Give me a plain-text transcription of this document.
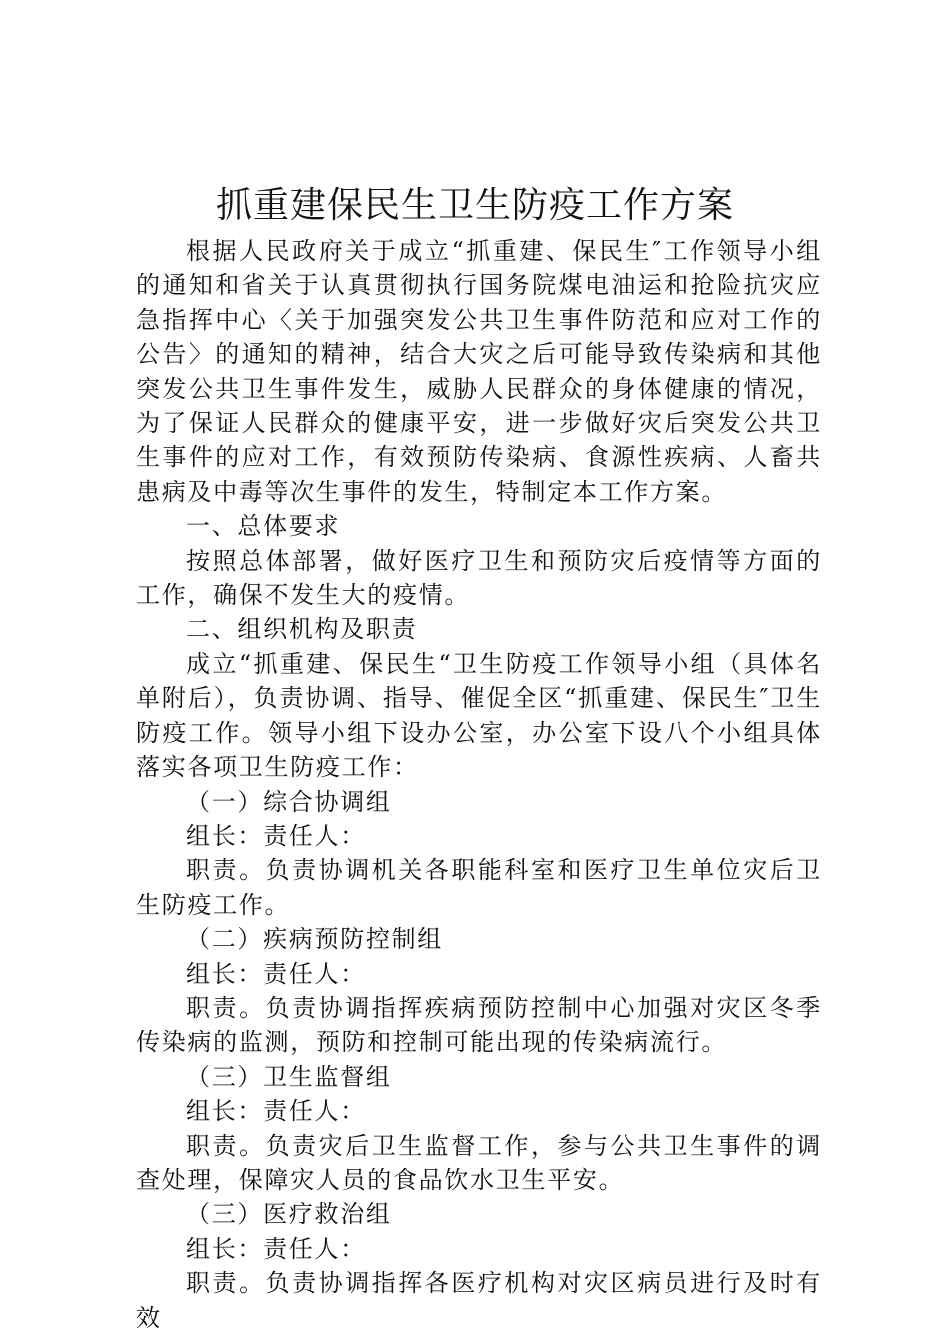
抓重建保民生卫生防疫工作方案

根据人民政府关于成立“抓重建、保民生″工作领导小组的通知和省关于认真贯彻执行国务院煤电油运和抢险抗灾应急指挥中心〈关于加强突发公共卫生事件防范和应对工作的公告〉的通知的精神，结合大灾之后可能导致传染病和其他突发公共卫生事件发生，威胁人民群众的身体健康的情况，为了保证人民群众的健康平安，进一步做好灾后突发公共卫生事件的应对工作，有效预防传染病、食源性疾病、人畜共患病及中毒等次生事件的发生，特制定本工作方案。

一、总体要求

按照总体部署，做好医疗卫生和预防灾后疫情等方面的工作，确保不发生大的疫情。

二、组织机构及职责

成立“抓重建、保民生“卫生防疫工作领导小组（具体名单附后），负责协调、指导、催促全区“抓重建、保民生″卫生防疫工作。领导小组下设办公室，办公室下设八个小组具体落实各项卫生防疫工作：

（一）综合协调组

组长：责任人：

职责。负责协调机关各职能科室和医疗卫生单位灾后卫生防疫工作。

（二）疾病预防控制组

组长：责任人：

职责。负责协调指挥疾病预防控制中心加强对灾区冬季传染病的监测，预防和控制可能出现的传染病流行。

（三）卫生监督组

组长：责任人：

职责。负责灾后卫生监督工作，参与公共卫生事件的调查处理，保障灾人员的食品饮水卫生平安。

（三）医疗救治组

组长：责任人：

职责。负责协调指挥各医疗机构对灾区病员进行及时有效
